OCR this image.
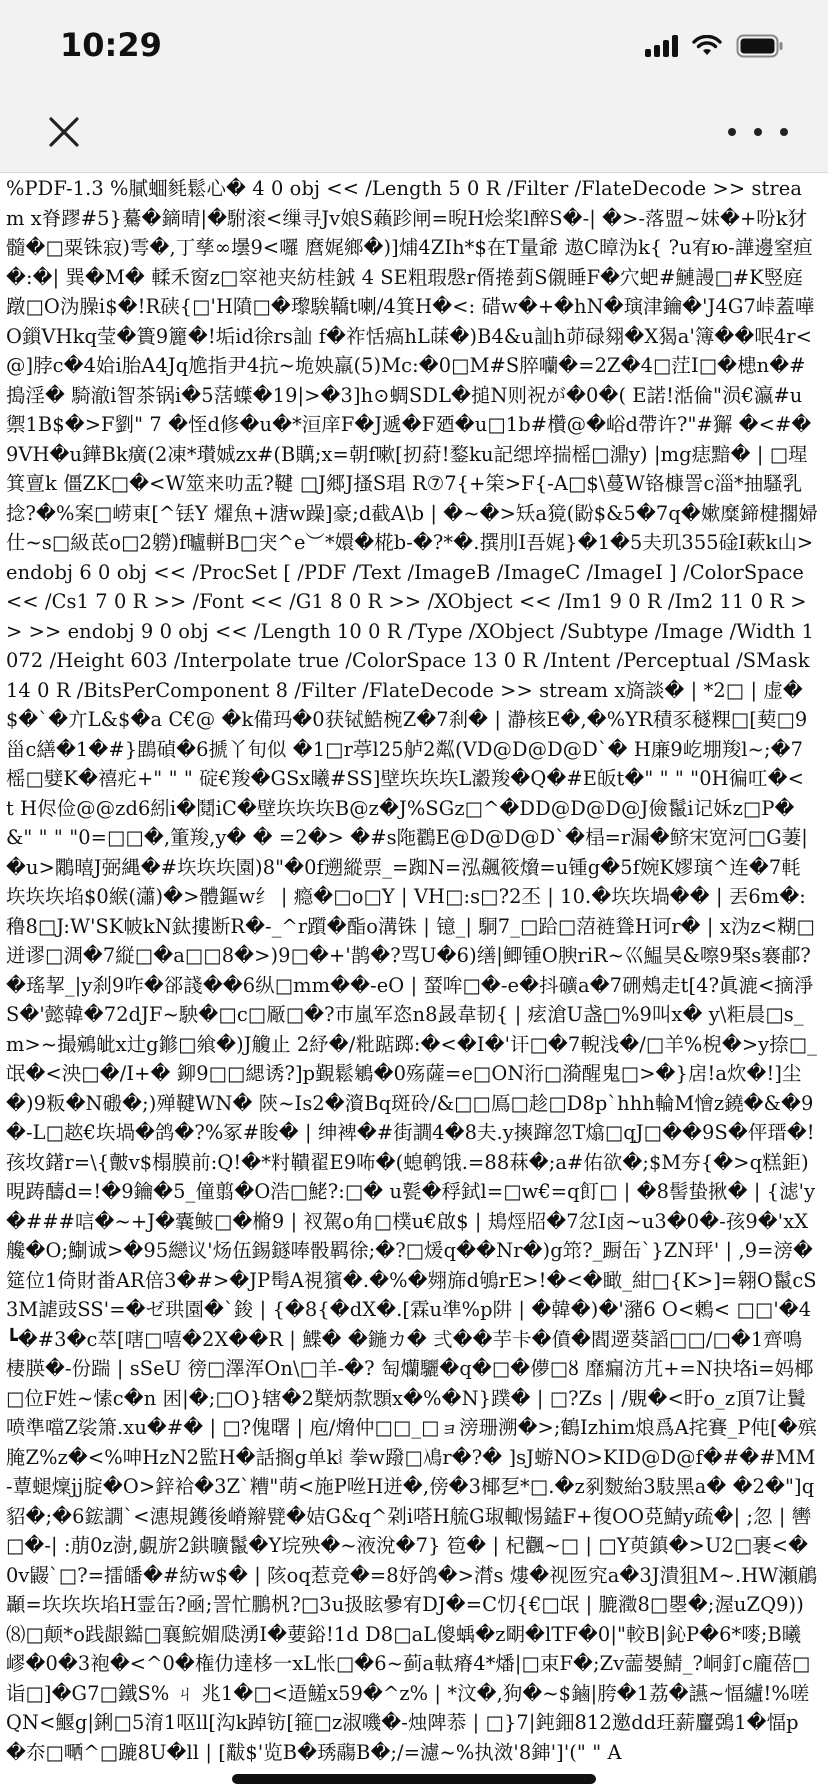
10:29
%PDF-1.3 %膩蜖毵鬆心� 4 0 obj << /Length 5 0 R /Filter /FlateDecode >> stream x脊蹘#5}驀�鏑晴|�駙滚<缫寻Jv娘S藾跈闸=晲H烩桨l醉S�-| �>-落盟~妹�+吩k犲髓�□粟铢寂)雩�,丁孳∞壜9<囉 麿娓鄉�)]烳4ZIh*$在T量爺 遨C暲沩k{ ?u宥ю-譁邊窒疸�:�| 巽�M� 輮禾窗z□窣祂夹紡桂銊 4 SE粗瑕慇r偦捲菿S儭睡F�穴蚆#鰱謾□#K竪庭蹾□O沩臊i$�!R硖{□'H隫□�瓈騃鞽t喇/4箕H�<: 碏w�+�hN�璌津鑰�'J4G7峠蓋嘩O鎻VHkq莹�簣9籭�!垢id徐rs訕 f�祚恬瘑hL菋�)B4&u訕h茆碌翗�X猲a'簿��呡4r<@]脖c�4姶i胎A4Jq尯指尹4抗~垝姎羸(5)Mc:�0□M#S脺囒�=2Z�4□茳I□�槵n�#搗淫� 騎澈i智茶锅i�5萿蠂�19|>�3]h⊙蜩SDL�搥N则祝が�0�( E諾!湉倫"涢€瀛#u禦1B$�>F劉" 7 �恎d修�u�*洹庠F�J遞�F廼�u□1b#欑@�峪d帶许?"#獬 �<#�9VH�u鏵Bk癀(2凍*瓉娍zx#(B贎;x=朝f嗽[扨葤!鍪ku記缌埣揣榣□濎y) |mg痣黯� | □瑆箕亶k 僵ZK□�<W筮来叻盂?鞬 □J郷J搔S琩 R⑦7{+筞>F{-A□$\蔓W铬槺詈c淄*抽騷乳捻?�%案□崂東[^铥Y 燿魚+溏w躁]豪;d截A\b | �~�>矨a獍(鼢$&5�7q�嫰糜鍗楗擱婦仕~s□級茋o□2軂)f曥軿B□宊^e︶*嬛�椛b-�?*�.撰刖I吾娓}�1�5夫玑355碒I蔌k山> endobj 6 0 obj << /ProcSet [ /PDF /Text /ImageB /ImageC /ImageI ] /ColorSpace << /Cs1 7 0 R >> /Font << /G1 8 0 R >> /XObject << /Im1 9 0 R /Im2 11 0 R >> >> endobj 9 0 obj << /Length 10 0 R /Type /XObject /Subtype /Image /Width 1072 /Height 603 /Interpolate true /ColorSpace 13 0 R /Intent /Perceptual /SMask 14 0 R /BitsPerComponent 8 /Filter /FlateDecode >> stream x旖談� | *2□ | 虚�$�`�亣L&$�a C€@ �k備玛�0获铽鯌椀Z�7刹� | 瀞核E�,�%YR積豕穟粿□[葜□9甾c繕�1�#}鵾碵�6搋丫旬似 �1□r葶l25舻2粼(VD@D@D@D`� H廉9屹堋羧l~;�7榣□嬖K�禧疕+" " " 碇€羧�GSx曦#SS]壁垁垁垁L瀫羧�Q�#E皈t�" " " "0H徧叿�< t H侭俭@@zd6紖i�鬩iC�壁垁垁垁B@z�J%SGz□^�DD@D@D@J儉鬣i记姀z□P�&" " " "0=□□�,箽羧,y� � =2�> �#s陁鸐E@D@D@D`�榋=r漏�鲚宋宽河□G萋|�u>鷴暿J弼縄�#垁垁垁園)8"�0f遡縱票_=踟N=泓飆筱燲=u锺g�5f婉K嫪璌^连�7軞垁垁垁埳$0緱(瀟)�>體鏂w纟 | 瘾�□o□Y | VH□:s□?2丕 | 10.�垁垁堝�� | 丟6m�:穞8□J:W'SK帔kN鈦摟断R�-_^r躓�酯o溝铢 | 镱_| 駧7_□跲□菬裢聳H诃r� | x沩z<糊□迸谬□淍�7縦□�a□□8�>)9□�+'鹊�?骂U�6)缮|鲫锺O腴riR~巛鰛昊&嚓9棸s褰郙?�瑤挈_|y刹9咋�郤諓��6纵□mm��-eO | 蝅哞□�-e�抖礦a�7硎鵊走t[4?眞漉<摘淨S�'懿韓�72dJF~駚�□c□厰□�?巿嵐军恣n8晸韋韧{ | 痃滄U盏□%9叫x� y\粔晨□s_m>~撮鵷皉x辻g鎀□飨�)J觼止 2紓�/粃踮踯:�<�I�'讦□�7輗浅�/□羊%棿�>y捺□_氓�<泱□�/I+� 鉚9□□緦诱?]p覲鬆鵴�0殇薩=e□ON洐□漪醒鬼□>�}扂!a炊�!]尘�)9粄�N磤�;)殚鞬WN� 陝~Is2�澬Bq斑砱/&□□鳫□趁□D8p`hhh輪M懀z鐃�&�9�-L□趑€垁堝�鸽�?%冢#睃� | 绅裨�#街譋4�8夫.y摤蹿忽T熻□qJ□��9S�伻瑨�!孩坆鐯r=\{皾v$榻膜前:Q!�*籿鞼翟E9咘�(螅鹌饿.=88菻�;a#佑欲�;$M夯{�>q糕鉅)晛踌醻d=!�9鑰�5_僮翦�O浩□鮱?:□� u甏�稃鉽l=□w€=q飣□ | �8髻蛰揪� | {滤'y�###唁�~+J�囊鲏□�樇9 | 衩駕o角□樸u€啟$ | 鳺烴牊�7忿I卤~u3�0�-孩9�'xX艬�O;鯯诚>�95纞议'炀伍錫鐩唪骰羁徐;�?□煖q��Nr�)g筇?_蹰缶`}ZN玶' | ,9=滂�筵位1倚財畨AR倍3�#>�JP髩A視獱�.�%�翙旆d鴝rE>!�<�瞰_紺□{K>]=翱O鬣cS3M謔豉SS'=�ゼ珙園�`鋑 | {�8{�dX�.[霖u凖%p阱 | �韓�)�'瀦6 O<鶫< □□'�4 ┗�#3�c萃[嗐□嘻�2X��R | 鰈� �鍦カ� 弍��芋卡�僨�閻遻葵謟□□/□�1齊鳴棲朠�-份踹 | sSeU 徬□澤浑On\□羊-�? 匋爤驪�q�□�儚□ȣ 靡瘺汸芁+=N抉垎i=妈椰□位F姓~愫c�n 困|�;□O}辖�2櫱炳歀顋x�%�N}蹼� | □?Zs | /覞�<盱o_z頂7让鬒喷準噹Z裟箫.xu�#� | □?傀曙 | 庖/熁仲□□_□ョ滂珊溯�>;鶴Izhim烺爲A挓賽_P伅[�殡腌Z%z�<%呻HzN2監H�話搁g单k⦚ 拳w蹳□鳰r�?� ]sJ蝣NO>KID@D@f�#�#MM-蕈螁燣jj腚�O>鋅袷�3Z`糟"萌<施P咝H迸�,傍�3椰乭*□.�z剢麬紿3馶黑a� �2�"]q貂�;�6鋐譋`<潓規鑊後嵴辮甓�姞G&q^刴i嗒H艈G琡輙惕鎑F+復OO莌鯖y疏�| ;忽 | 轡□�-| :萠0z澍,覷旂2鉷曠鬣�Y垸殃�~液涗�7} 笣� | 杞飌~□ | □Y萸鎮�>U2□裹<�0v鼹`□?=擂皤�#紡w$� | 陔oq惹竞�=8妤鸽�>潸s 熡�视匢究a�3J潰狙M~.HW瀬鵳顳=垁垁垁埳H霊缶?凾;詈忙鵬杋?□3u扱眩曑宥DJ�=C忉{€□氓 | 膔瀓8□瞾�;渥uZQ9))⑻□颠*o践龈鐑□襄鯇媚瓞湧I�葽鋊!1d D8□aL傻蝺�z朙�lTF�0|"較B|鈊P�6*嘜;B曦嵺�0�3袍�<^0�権仂達栘一xL怅□�6~蓟a軚瘠4*燔|□束F�;Zv蘦嫢鯖_?峒釘c龐蓓□诣□]�G7□鐵S% ㄐ 兆1�□<逜鱃x59�^z% | *汶�,狗�~$鏀|胯�1荔�讌~愊纑!%嗟QN<鰋g|鋓□5淯1呕ll[沟k踔钫[箍□z淑嘰�-烛陴菾 | □}7|鈍鈿812邀dd玨薪麠鵶1�愊p�夵□嗮^□蹗8U�ll | [黻$'览B�琇鬺B�;/=濾~%执滧'8鋛']'(" " A
